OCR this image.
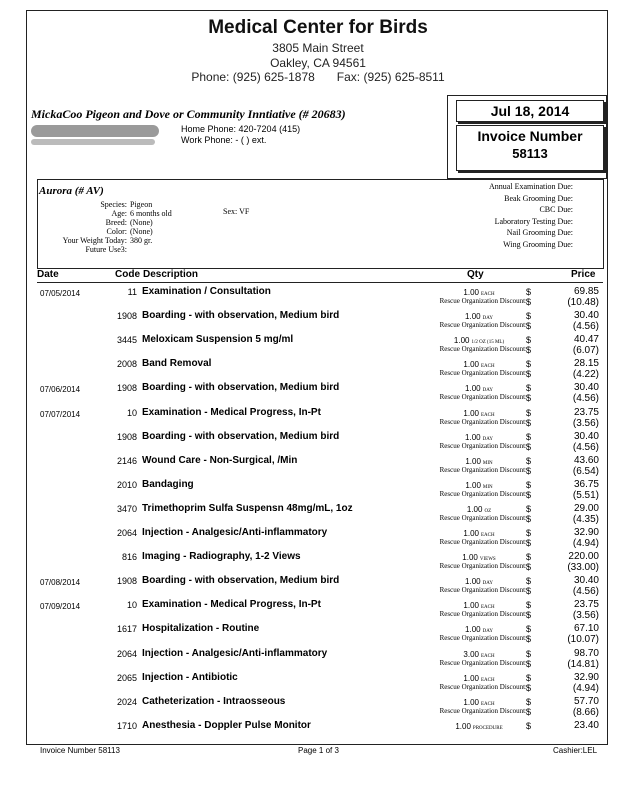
Medical Center for Birds
3805 Main Street
Oakley, CA 94561
Phone: (925) 625-1878 Fax: (925) 625-8511
MickaCoo Pigeon and Dove or Community Inntiative (# 20683)
Home Phone: 420-7204 (415)
Work Phone: - ( ) ext.
Jul 18, 2014
Invoice Number
58113
Aurora (# AV)
Species: Pigeon
Age: 6 months old
Breed: (None)
Color: (None)
Your Weight Today: 380 gr.
Future Use3:
Sex: VF
Annual Examination Due:
Beak Grooming Due:
CBC Due:
Laboratory Testing Due:
Nail Grooming Due:
Wing Grooming Due:
Date	Code Description	Qty	Price
07/05/2014	11 Examination / Consultation	1.00 EACH	$	69.85
Rescue Organization Discount: $	(10.48)
1908 Boarding - with observation, Medium bird	1.00 DAY	$	30.40
Rescue Organization Discount: $	(4.56)
3445 Meloxicam Suspension 5 mg/ml	1.00 1/2 OZ (15 ML)	$	40.47
Rescue Organization Discount: $	(6.07)
2008 Band Removal	1.00 EACH	$	28.15
Rescue Organization Discount: $	(4.22)
07/06/2014	1908 Boarding - with observation, Medium bird	1.00 DAY	$	30.40
Rescue Organization Discount: $	(4.56)
07/07/2014	10 Examination - Medical Progress, In-Pt	1.00 EACH	$	23.75
Rescue Organization Discount: $	(3.56)
1908 Boarding - with observation, Medium bird	1.00 DAY	$	30.40
Rescue Organization Discount: $	(4.56)
2146 Wound Care - Non-Surgical, /Min	1.00 MIN	$	43.60
Rescue Organization Discount: $	(6.54)
2010 Bandaging	1.00 MIN	$	36.75
Rescue Organization Discount: $	(5.51)
3470 Trimethoprim Sulfa Suspensn 48mg/mL, 1oz	1.00 OZ	$	29.00
Rescue Organization Discount: $	(4.35)
2064 Injection - Analgesic/Anti-inflammatory	1.00 EACH	$	32.90
Rescue Organization Discount: $	(4.94)
816 Imaging - Radiography, 1-2 Views	1.00 VIEWS	$	220.00
Rescue Organization Discount: $	(33.00)
07/08/2014	1908 Boarding - with observation, Medium bird	1.00 DAY	$	30.40
Rescue Organization Discount: $	(4.56)
07/09/2014	10 Examination - Medical Progress, In-Pt	1.00 EACH	$	23.75
Rescue Organization Discount: $	(3.56)
1617 Hospitalization - Routine	1.00 DAY	$	67.10
Rescue Organization Discount: $	(10.07)
2064 Injection - Analgesic/Anti-inflammatory	3.00 EACH	$	98.70
Rescue Organization Discount: $	(14.81)
2065 Injection - Antibiotic	1.00 EACH	$	32.90
Rescue Organization Discount: $	(4.94)
2024 Catheterization - Intraosseous	1.00 EACH	$	57.70
Rescue Organization Discount: $	(8.66)
1710 Anesthesia - Doppler Pulse Monitor	1.00 PROCEDURE	$	23.40
Invoice Number 58113	Page 1 of 3	Cashier:LEL
